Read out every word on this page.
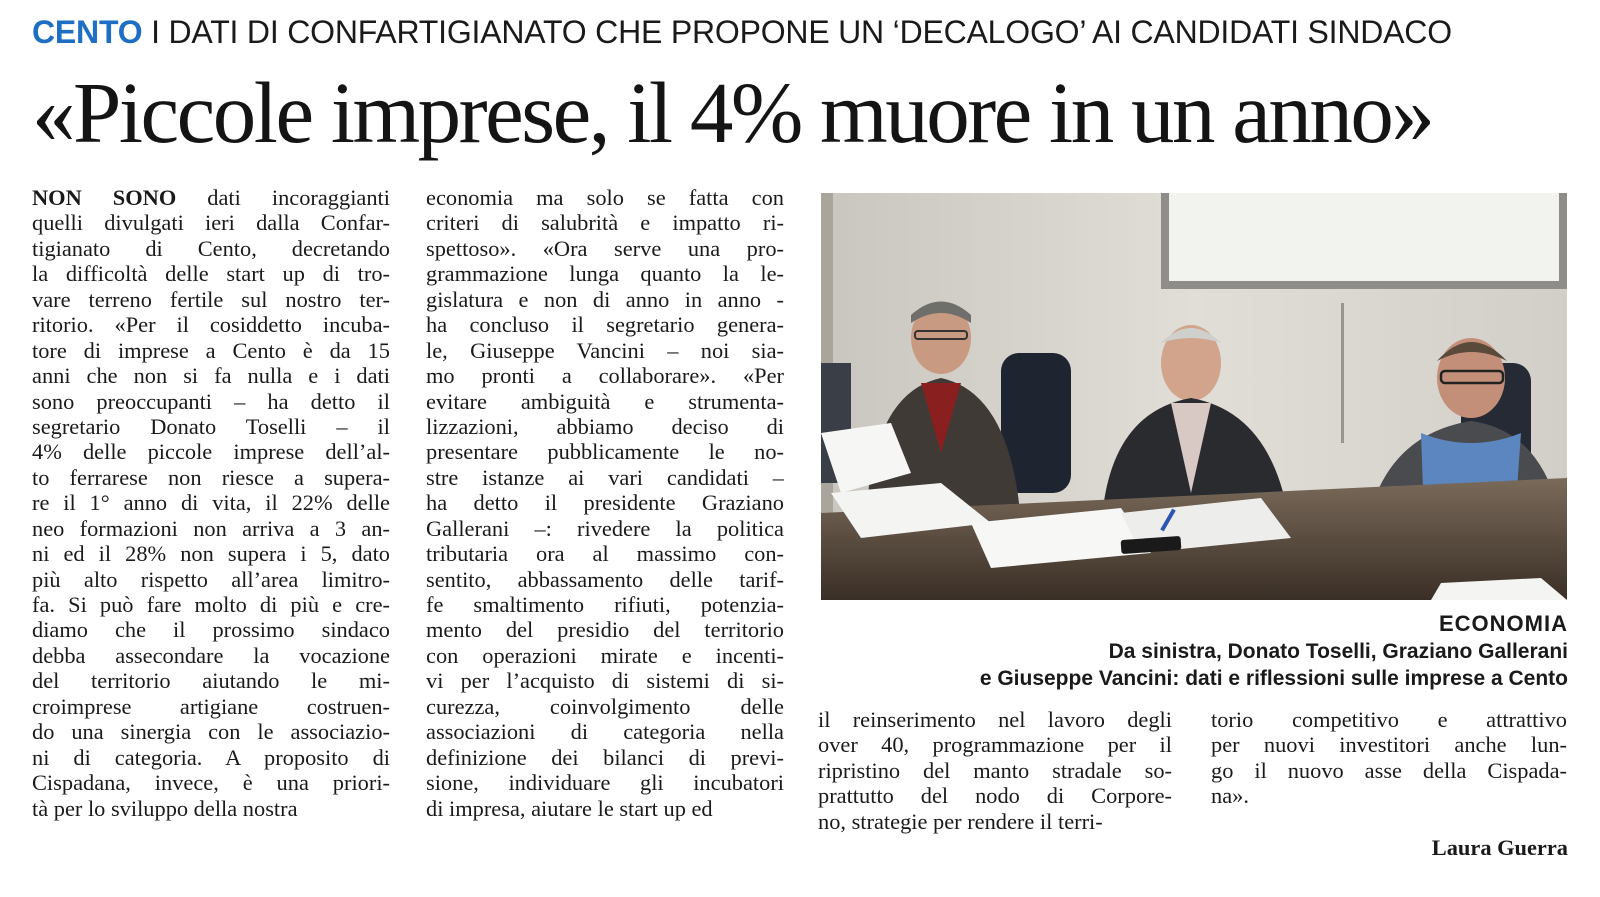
CENTO I DATI DI CONFARTIGIANATO CHE PROPONE UN ‘DECALOGO’ AI CANDIDATI SINDACO
«Piccole imprese, il 4% muore in un anno»
NON SONO dati incoraggianti
quelli divulgati ieri dalla Confar-
tigianato di Cento, decretando
la difficoltà delle start up di tro-
vare terreno fertile sul nostro ter-
ritorio. «Per il cosiddetto incuba-
tore di imprese a Cento è da 15
anni che non si fa nulla e i dati
sono preoccupanti – ha detto il
segretario Donato Toselli – il
4% delle piccole imprese dell’al-
to ferrarese non riesce a supera-
re il 1° anno di vita, il 22% delle
neo formazioni non arriva a 3 an-
ni ed il 28% non supera i 5, dato
più alto rispetto all’area limitro-
fa. Si può fare molto di più e cre-
diamo che il prossimo sindaco
debba assecondare la vocazione
del territorio aiutando le mi-
croimprese artigiane costruen-
do una sinergia con le associazio-
ni di categoria. A proposito di
Cispadana, invece, è una priori-
tà per lo sviluppo della nostra
economia ma solo se fatta con
criteri di salubrità e impatto ri-
spettoso». «Ora serve una pro-
grammazione lunga quanto la le-
gislatura e non di anno in anno -
ha concluso il segretario genera-
le, Giuseppe Vancini – noi sia-
mo pronti a collaborare». «Per
evitare ambiguità e strumenta-
lizzazioni, abbiamo deciso di
presentare pubblicamente le no-
stre istanze ai vari candidati –
ha detto il presidente Graziano
Gallerani –: rivedere la politica
tributaria ora al massimo con-
sentito, abbassamento delle tarif-
fe smaltimento rifiuti, potenzia-
mento del presidio del territorio
con operazioni mirate e incenti-
vi per l’acquisto di sistemi di si-
curezza, coinvolgimento delle
associazioni di categoria nella
definizione dei bilanci di previ-
sione, individuare gli incubatori
di impresa, aiutare le start up ed
ECONOMIA
Da sinistra, Donato Toselli, Graziano Gallerani
e Giuseppe Vancini: dati e riflessioni sulle imprese a Cento
il reinserimento nel lavoro degli
over 40, programmazione per il
ripristino del manto stradale so-
prattutto del nodo di Corpore-
no, strategie per rendere il terri-
torio competitivo e attrattivo
per nuovi investitori anche lun-
go il nuovo asse della Cispada-
na».
Laura Guerra
